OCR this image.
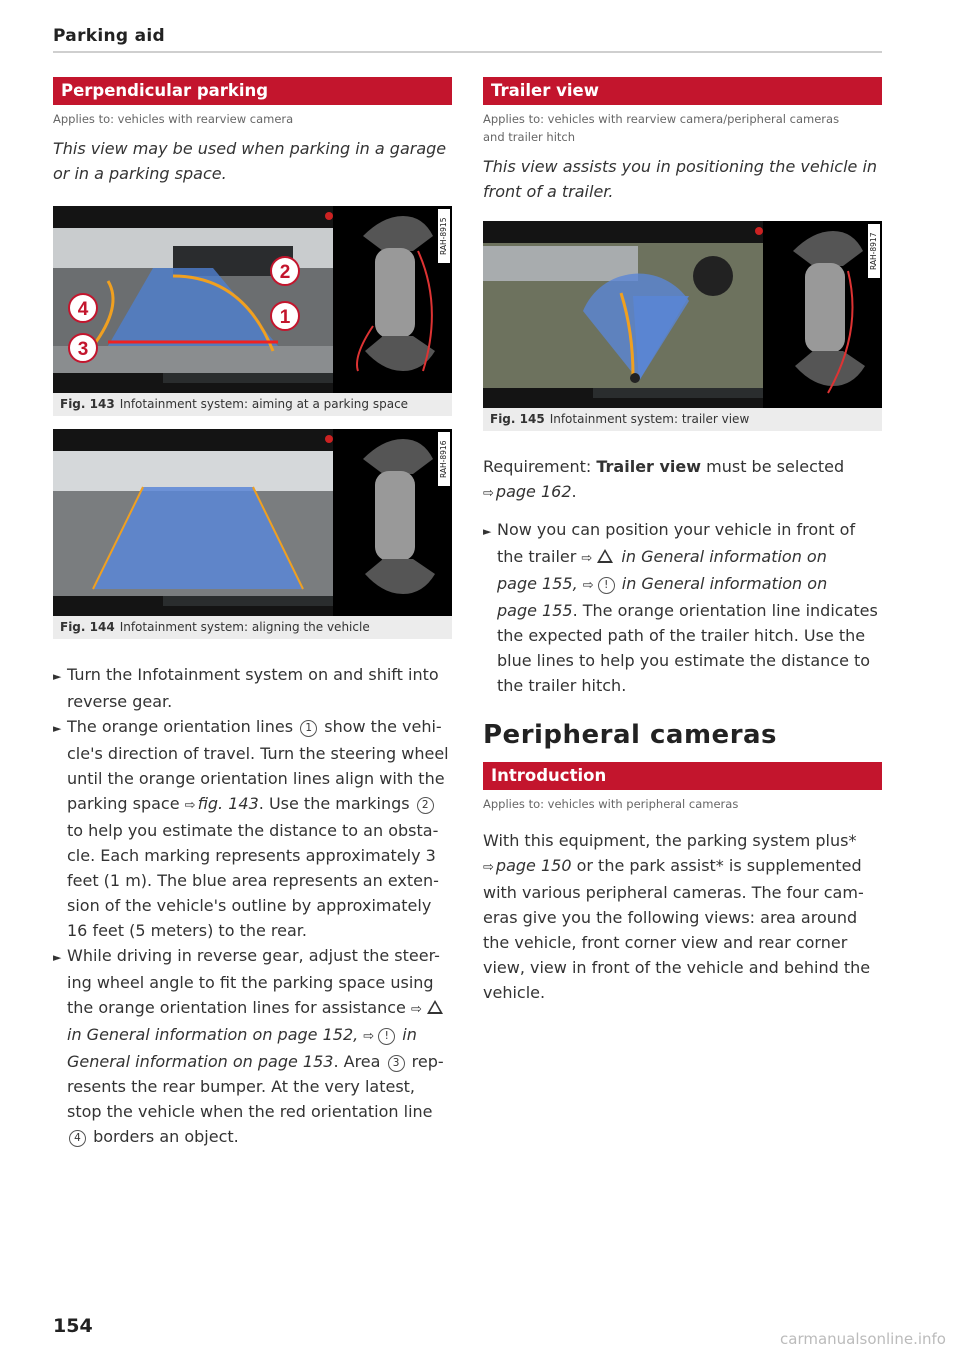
Parking aid
Perpendicular parking
Applies to: vehicles with rearview camera
This view may be used when parking in a garage
or in a parking space.
2
1
4
3
RAH-8915
Fig. 143 Infotainment system: aiming at a parking space
RAH-8916
Fig. 144 Infotainment system: aligning the vehicle
► Turn the Infotainment system on and shift into
reverse gear.
► The orange orientation lines 1 show the vehi-
cle's direction of travel. Turn the steering wheel
until the orange orientation lines align with the
parking space ⇨ fig. 143. Use the markings 2
to help you estimate the distance to an obsta-
cle. Each marking represents approximately 3
feet (1 m). The blue area represents an exten-
sion of the vehicle's outline by approximately
16 feet (5 meters) to the rear.
► While driving in reverse gear, adjust the steer-
ing wheel angle to fit the parking space using
the orange orientation lines for assistance ⇨
in General information on page 152, ⇨ ! in
General information on page 153. Area 3 rep-
resents the rear bumper. At the very latest,
stop the vehicle when the red orientation line
4 borders an object.
Trailer view
Applies to: vehicles with rearview camera/peripheral cameras
and trailer hitch
This view assists you in positioning the vehicle in
front of a trailer.
RAH-8917
Fig. 145 Infotainment system: trailer view
Requirement: Trailer view must be selected
⇨ page 162.
► Now you can position your vehicle in front of
the trailer ⇨ in General information on
page 155, ⇨ ! in General information on
page 155. The orange orientation line indicates
the expected path of the trailer hitch. Use the
blue lines to help you estimate the distance to
the trailer hitch.
Peripheral cameras
Introduction
Applies to: vehicles with peripheral cameras
With this equipment, the parking system plus*
⇨ page 150 or the park assist* is supplemented
with various peripheral cameras. The four cam-
eras give you the following views: area around
the vehicle, front corner view and rear corner
view, view in front of the vehicle and behind the
vehicle.
154
carmanualsonline.info
